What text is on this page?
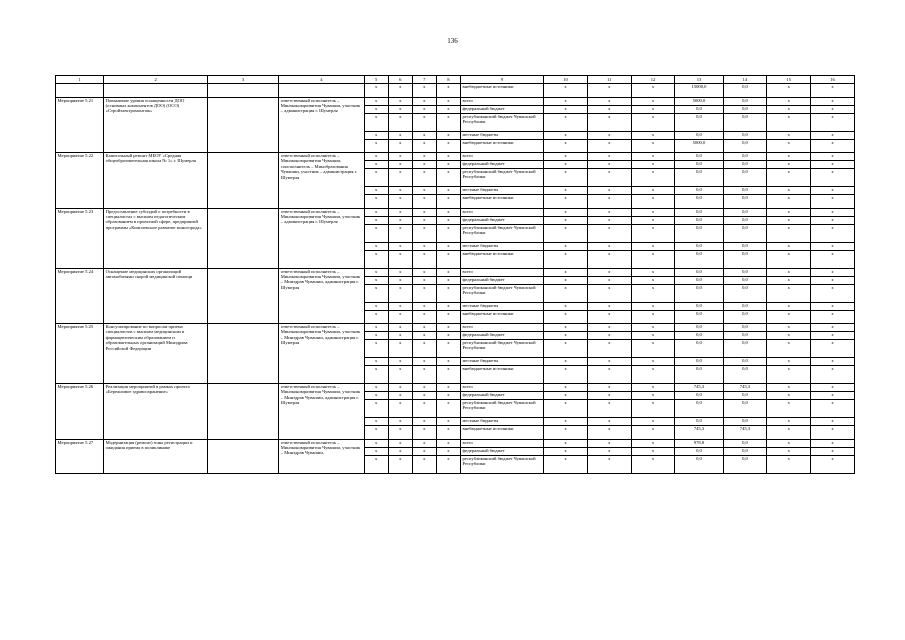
136
1	2	3	4	5	6	7	8	9	10	11	12	13	14	15	16
				x	x	x	x	внебюджетные источники	x	x	x	15000,0	0,0	x	x
Мероприятие 5.21	Повышение уровня оснащенности ДОО (основных компонентов ДОО) (ОСО) «Стройэлектромонтаж»		ответственный исполнитель – Минэкономразвития Чувашии, участник – администрация г. Шумерля	x	x	x	x	всего	x	x	x	5000,0	0,0	x	x
				x	x	x	x	федеральный бюджет	x	x	x	0,0	0,0	x	x
				x	x	x	x	республиканский бюджет Чувашской Республики	x	x	x	0,0	0,0	x	x
				x	x	x	x	местные бюджеты	x	x	x	0,0	0,0	x	x
				x	x	x	x	внебюджетные источники	x	x	x	5000,0	0,0	x	x
Мероприятие 5.22	Капитальный ремонт МБОУ «Средняя общеобразовательная школа № 1» г. Шумерля		ответственный исполнитель – Минэкономразвития Чувашии, соисполнитель – Минобразования Чувашии, участник – администрация г. Шумерля	x	x	x	x	всего	x	x	x	0,0	0,0	x	x
				x	x	x	x	федеральный бюджет	x	x	x	0,0	0,0	x	x
				x	x	x	x	республиканский бюджет Чувашской Республики	x	x	x	0,0	0,0	x	x
				x	x	x	x	местные бюджеты	x	x	x	0,0	0,0	x	x
				x	x	x	x	внебюджетные источники	x	x	x	0,0	0,0	x	x
Мероприятие 5.23	Предоставление субсидий о потребности в специалистах с высшим педагогическим образованием в проектной сфере, предприятий программы «Комплексное развитие моногорода»		ответственный исполнитель – Минэкономразвития Чувашии, участник – администрация г. Шумерля	x	x	x	x	всего	x	x	x	0,0	0,0	x	x
				x	x	x	x	федеральный бюджет	x	x	x	0,0	0,0	x	x
				x	x	x	x	республиканский бюджет Чувашской Республики	x	x	x	0,0	0,0	x	x
				x	x	x	x	местные бюджеты	x	x	x	0,0	0,0	x	x
				x	x	x	x	внебюджетные источники	x	x	x	0,0	0,0	x	x
Мероприятие 5.24	Оснащение медицинских организаций автомобилями скорой медицинской помощи		ответственный исполнитель – Минэкономразвития Чувашии, участник – Минздрав Чувашии, администрация г. Шумерля	x	x	x	x	всего	x	x	x	0,0	0,0	x	x
				x	x	x	x	федеральный бюджет	x	x	x	0,0	0,0	x	x
				x	x	x	x	республиканский бюджет Чувашской Республики	x	x	x	0,0	0,0	x	x
				x	x	x	x	местные бюджеты	x	x	x	0,0	0,0	x	x
				x	x	x	x	внебюджетные источники	x	x	x	0,0	0,0	x	x
Мероприятие 5.25	Консультирование по вопросам приема специалистов с высшим медицинским и фармацевтическим образованием и образовательных организаций Минздрава Российской Федерации		ответственный исполнитель – Минэкономразвития Чувашии, участник – Минздрав Чувашии, администрация г. Шумерля	x	x	x	x	всего	x	x	x	0,0	0,0	x	x
				x	x	x	x	федеральный бюджет	x	x	x	0,0	0,0	x	x
				x	x	x	x	республиканский бюджет Чувашской Республики	x	x	x	0,0	0,0	x	x
				x	x	x	x	местные бюджеты	x	x	x	0,0	0,0	x	x
				x	x	x	x	внебюджетные источники	x	x	x	0,0	0,0	x	x
Мероприятие 5.26	Реализация мероприятий в рамках проекта «Бережливое здравоохранение»		ответственный исполнитель – Минэкономразвития Чувашии, участник – Минздрав Чувашии, администрация г. Шумерля	x	x	x	x	всего	x	x	x	745,3	745,3	x	x
				x	x	x	x	федеральный бюджет	x	x	x	0,0	0,0	x	x
				x	x	x	x	республиканский бюджет Чувашской Республики	x	x	x	0,0	0,0	x	x
				x	x	x	x	местные бюджеты	x	x	x	0,0	0,0	x	x
				x	x	x	x	внебюджетные источники	x	x	x	745,3	745,3	x	x
Мероприятие 5.27	Модернизация (ремонт) зоны регистрации и ожидания приема в поликлинике		ответственный исполнитель – Минэкономразвития Чувашии, участник – Минздрав Чувашии,	x	x	x	x	всего	x	x	x	978,8	0,0	x	x
				x	x	x	x	федеральный бюджет	x	x	x	0,0	0,0	x	x
				x	x	x	x	республиканский бюджет Чувашской Республики	x	x	x	0,0	0,0	x	x
